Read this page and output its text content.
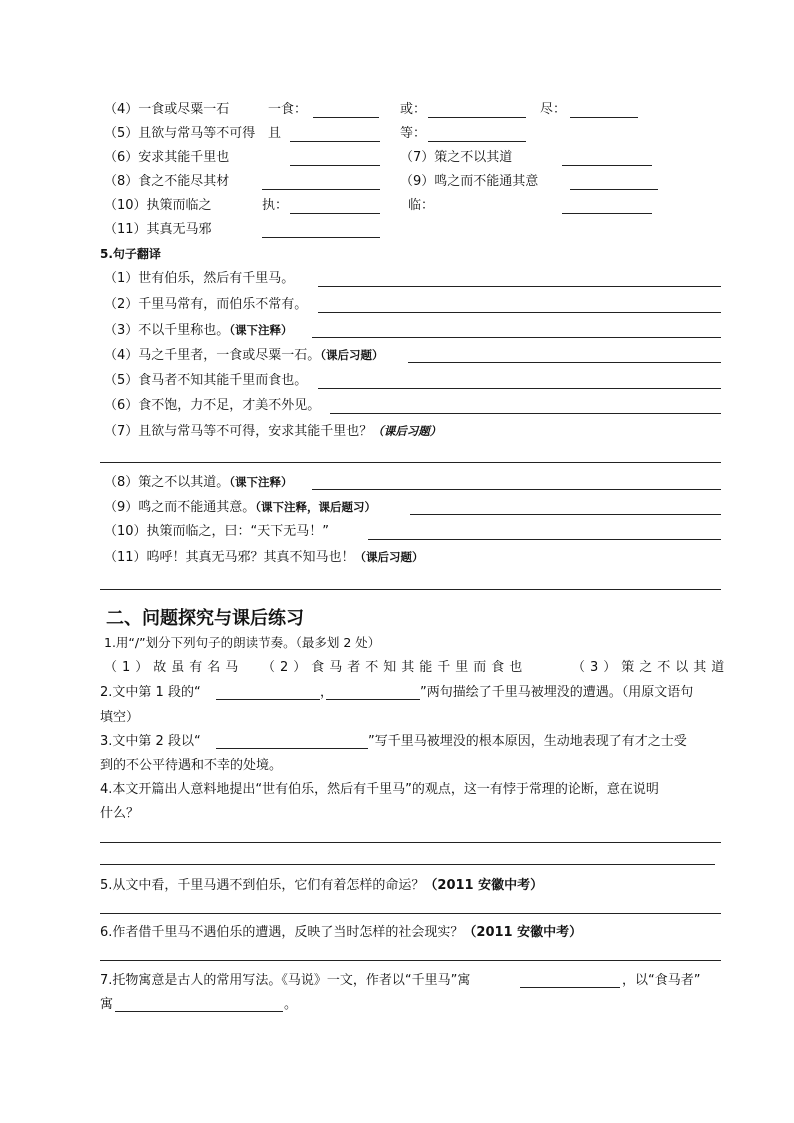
（4）一食或尽粟一石	一食：	或：	尽：
（5）且欲与常马等不可得 且	等：
（6）安求其能千里也	（7）策之不以其道
（8）食之不能尽其材	（9）鸣之而不能通其意
（10）执策而临之	执：	临：
（11）其真无马邪
5.句子翻译
（1）世有伯乐，然后有千里马。
（2）千里马常有，而伯乐不常有。
（3）不以千里称也。（课下注释）
（4）马之千里者，一食或尽粟一石。（课后习题）
（5）食马者不知其能千里而食也。
（6）食不饱，力不足，才美不外见。
（7）且欲与常马等不可得，安求其能千里也？（课后习题）
（8）策之不以其道。（课下注释）
（9）鸣之而不能通其意。（课下注释，课后题习）
（10）执策而临之，曰：“天下无马！”
（11）呜呼！其真无马邪？其真不知马也！（课后习题）
二、问题探究与课后练习
1.用“/”划分下列句子的朗读节奏。（最多划 2 处）
（1）故虽有名马 （2）食马者不知其能千里而食也	（3）策之不以其道
2.文中第 1 段的“	，	”两句描绘了千里马被埋没的遭遇。（用原文语句
填空）
3.文中第 2 段以“	”写千里马被埋没的根本原因，生动地表现了有才之士受
到的不公平待遇和不幸的处境。
4.本文开篇出人意料地提出“世有伯乐，然后有千里马”的观点，这一有悖于常理的论断，意在说明
什么？
5.从文中看，千里马遇不到伯乐，它们有着怎样的命运？（2011 安徽中考）
6.作者借千里马不遇伯乐的遭遇，反映了当时怎样的社会现实？（2011 安徽中考）
7.托物寓意是古人的常用写法。《马说》一文，作者以“千里马”寓	，以“食马者”
寓	。
